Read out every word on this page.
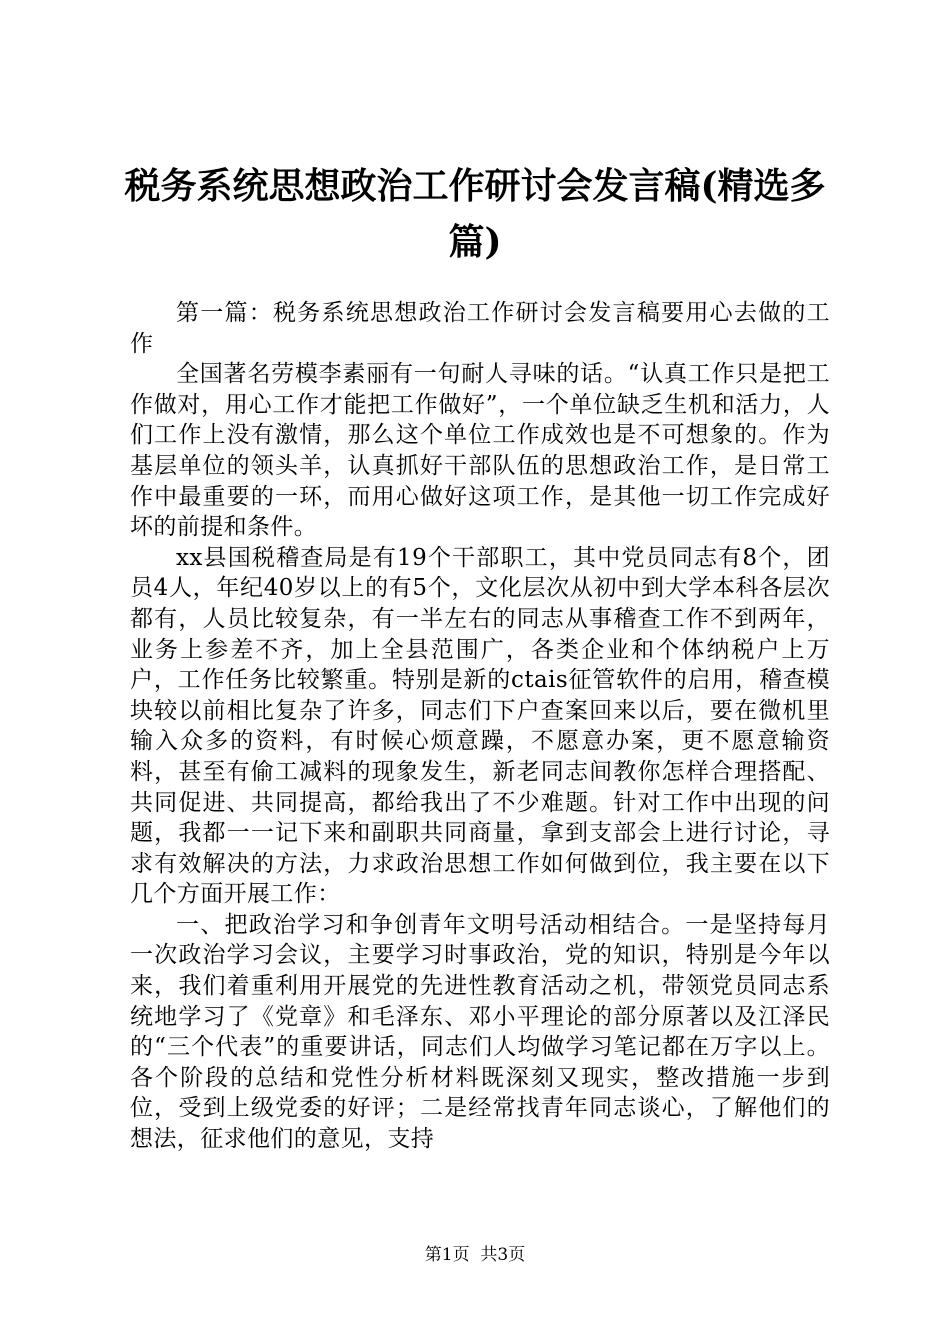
税务系统思想政治工作研讨会发言稿(精选多篇)

第一篇：税务系统思想政治工作研讨会发言稿要用心去做的工作

全国著名劳模李素丽有一句耐人寻味的话。“认真工作只是把工作做对，用心工作才能把工作做好”，一个单位缺乏生机和活力，人们工作上没有激情，那么这个单位工作成效也是不可想象的。作为基层单位的领头羊，认真抓好干部队伍的思想政治工作，是日常工作中最重要的一环，而用心做好这项工作，是其他一切工作完成好坏的前提和条件。

xx县国税稽查局是有19个干部职工，其中党员同志有8个，团员4人，年纪40岁以上的有5个，文化层次从初中到大学本科各层次都有，人员比较复杂，有一半左右的同志从事稽查工作不到两年，业务上参差不齐，加上全县范围广，各类企业和个体纳税户上万户，工作任务比较繁重。特别是新的ctais征管软件的启用，稽查模块较以前相比复杂了许多，同志们下户查案回来以后，要在微机里输入众多的资料，有时候心烦意躁，不愿意办案，更不愿意输资料，甚至有偷工减料的现象发生，新老同志间教你怎样合理搭配、共同促进、共同提高，都给我出了不少难题。针对工作中出现的问题，我都一一记下来和副职共同商量，拿到支部会上进行讨论，寻求有效解决的方法，力求政治思想工作如何做到位，我主要在以下几个方面开展工作：

一、把政治学习和争创青年文明号活动相结合。一是坚持每月一次政治学习会议，主要学习时事政治，党的知识，特别是今年以来，我们着重利用开展党的先进性教育活动之机，带领党员同志系统地学习了《党章》和毛泽东、邓小平理论的部分原著以及江泽民的“三个代表”的重要讲话，同志们人均做学习笔记都在万字以上。各个阶段的总结和党性分析材料既深刻又现实，整改措施一步到位，受到上级党委的好评；二是经常找青年同志谈心，了解他们的想法，征求他们的意见，支持

第1页 共3页
